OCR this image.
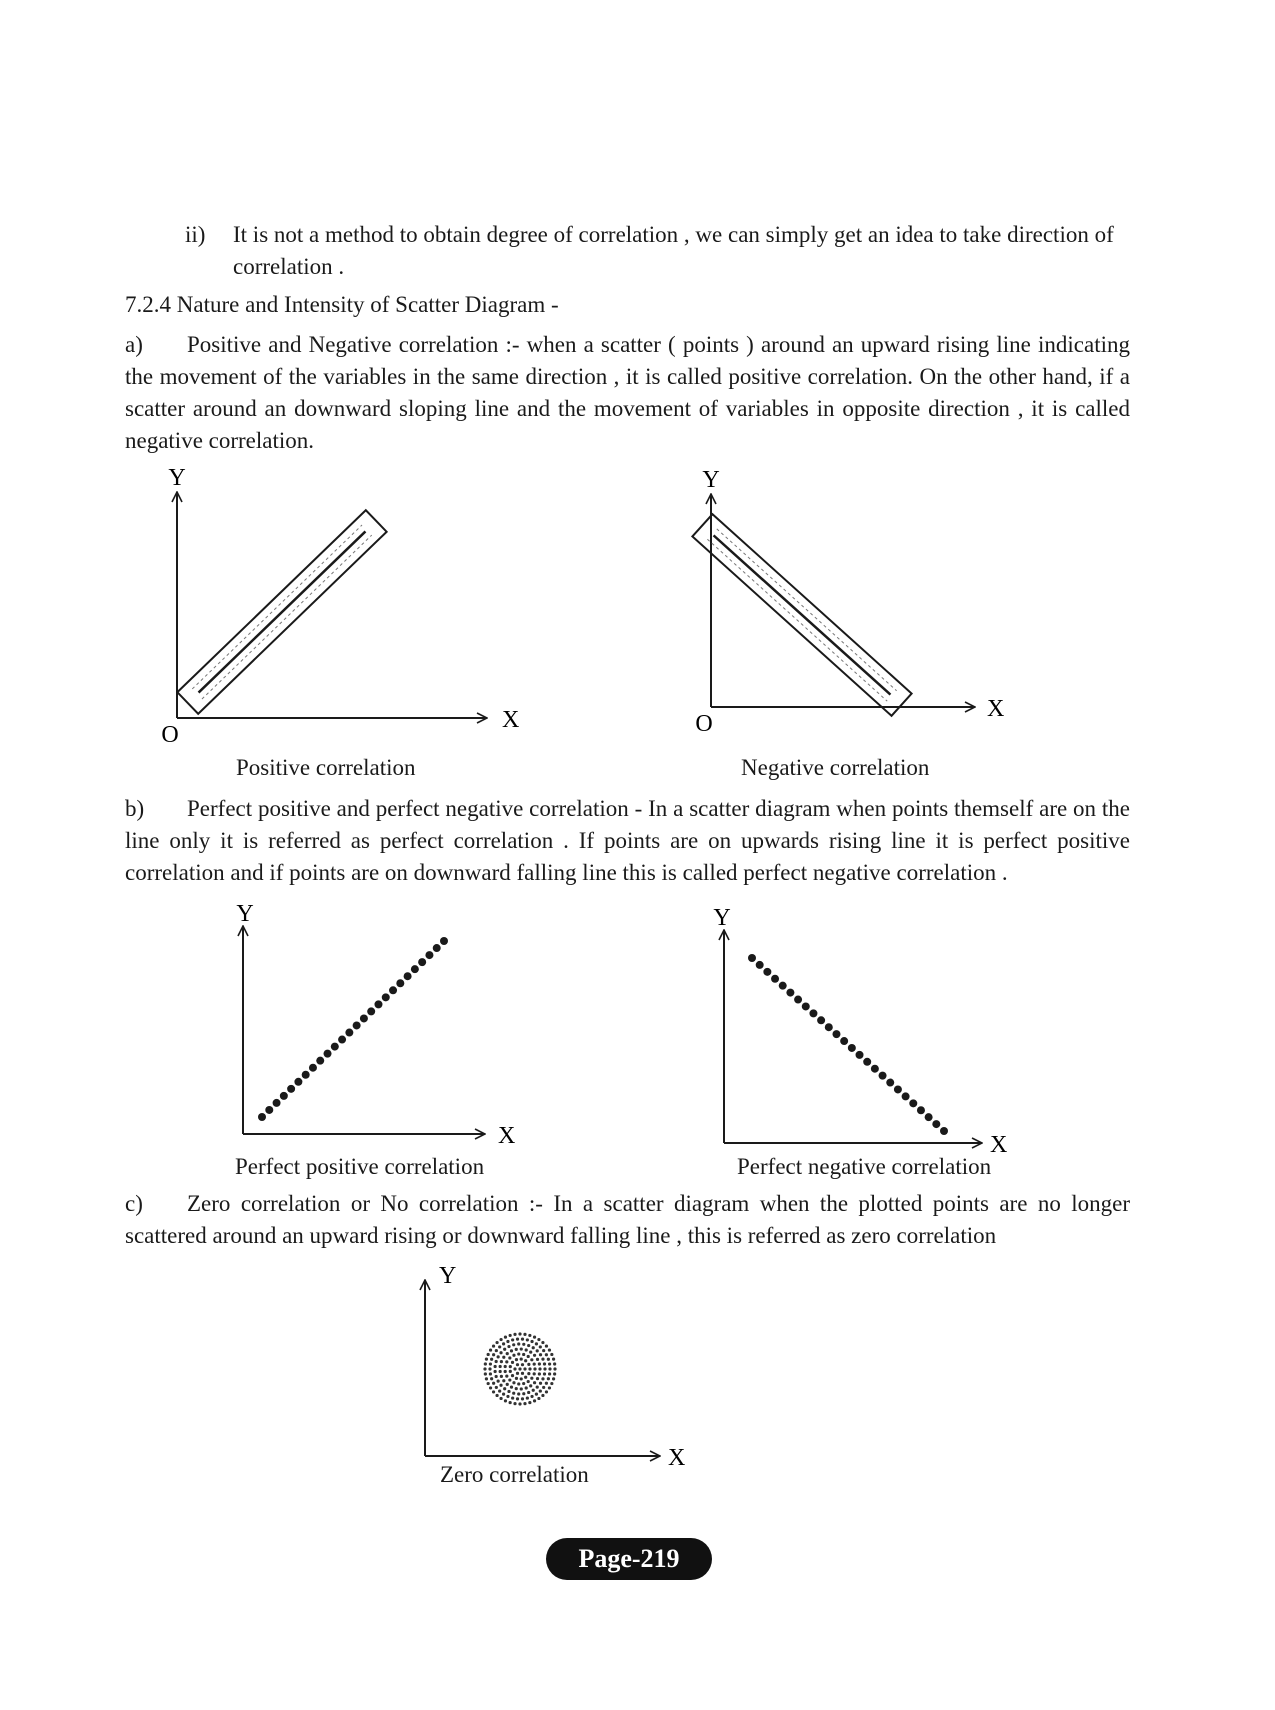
ii) It is not a method to obtain degree of correlation , we can simply get an idea to take direction of correlation .
7.2.4 Nature and Intensity of Scatter Diagram -

a) Positive and Negative correlation :- when a scatter ( points ) around an upward rising line indicating the movement of the variables in the same direction , it is called positive correlation. On the other hand, if a scatter around an downward sloping line and the movement of variables in opposite direction , it is called negative correlation.

b) Perfect positive and perfect negative correlation - In a scatter diagram when points themself are on the line only it is referred as perfect correlation . If points are on upwards rising line it is perfect positive correlation and if points are on downward falling line this is called perfect negative correlation .

c) Zero correlation or No correlation :- In a scatter diagram when the plotted points are no longer scattered around an upward rising or downward falling line , this is referred as zero correlation

Y
X
O
Y
X
O
Y
X
Y
X
Y
X
Positive correlation	Negative correlation
Perfect positive correlation	Perfect negative correlation
Zero correlation
Page-219
